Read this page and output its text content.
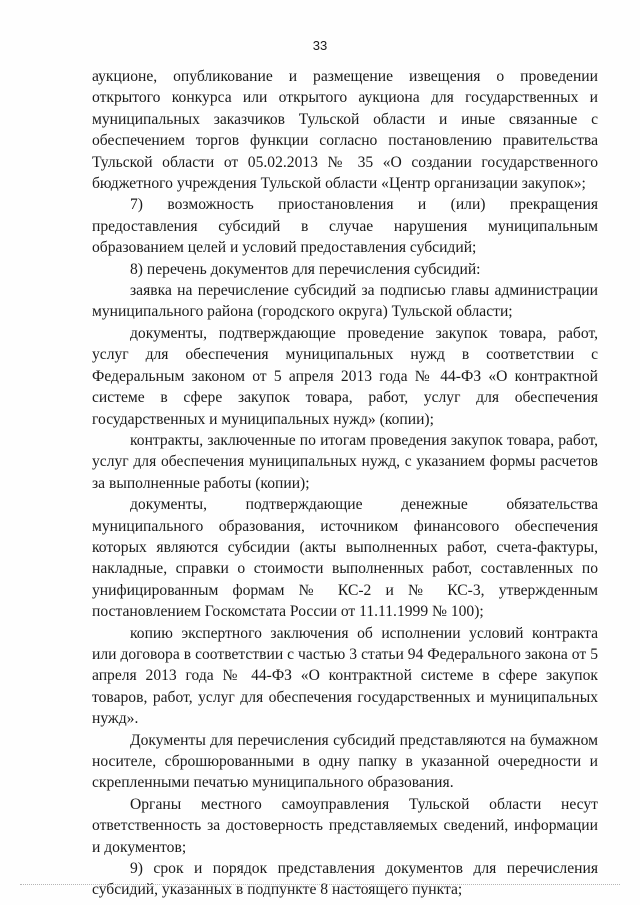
33

аукционе, опубликование и размещение извещения о проведении открытого конкурса или открытого аукциона для государственных и муниципальных заказчиков Тульской области и иные связанные с обеспечением торгов функции согласно постановлению правительства Тульской области от 05.02.2013 № 35 «О создании государственного бюджетного учреждения Тульской области «Центр организации закупок»;

7) возможность приостановления и (или) прекращения предоставления субсидий в случае нарушения муниципальным образованием целей и условий предоставления субсидий;

8) перечень документов для перечисления субсидий:

заявка на перечисление субсидий за подписью главы администрации муниципального района (городского округа) Тульской области;

документы, подтверждающие проведение закупок товара, работ, услуг для обеспечения муниципальных нужд в соответствии с Федеральным законом от 5 апреля 2013 года № 44-ФЗ «О контрактной системе в сфере закупок товара, работ, услуг для обеспечения государственных и муниципальных нужд» (копии);

контракты, заключенные по итогам проведения закупок товара, работ, услуг для обеспечения муниципальных нужд, с указанием формы расчетов за выполненные работы (копии);

документы, подтверждающие денежные обязательства муниципального образования, источником финансового обеспечения которых являются субсидии (акты выполненных работ, счета-фактуры, накладные, справки о стоимости выполненных работ, составленных по унифицированным формам № КС-2 и № КС-3, утвержденным постановлением Госкомстата России от 11.11.1999 № 100);

копию экспертного заключения об исполнении условий контракта или договора в соответствии с частью 3 статьи 94 Федерального закона от 5 апреля 2013 года № 44-ФЗ «О контрактной системе в сфере закупок товаров, работ, услуг для обеспечения государственных и муниципальных нужд».

Документы для перечисления субсидий представляются на бумажном носителе, сброшюрованными в одну папку в указанной очередности и скрепленными печатью муниципального образования.

Органы местного самоуправления Тульской области несут ответственность за достоверность представляемых сведений, информации и документов;

9) срок и порядок представления документов для перечисления субсидий, указанных в подпункте 8 настоящего пункта;
